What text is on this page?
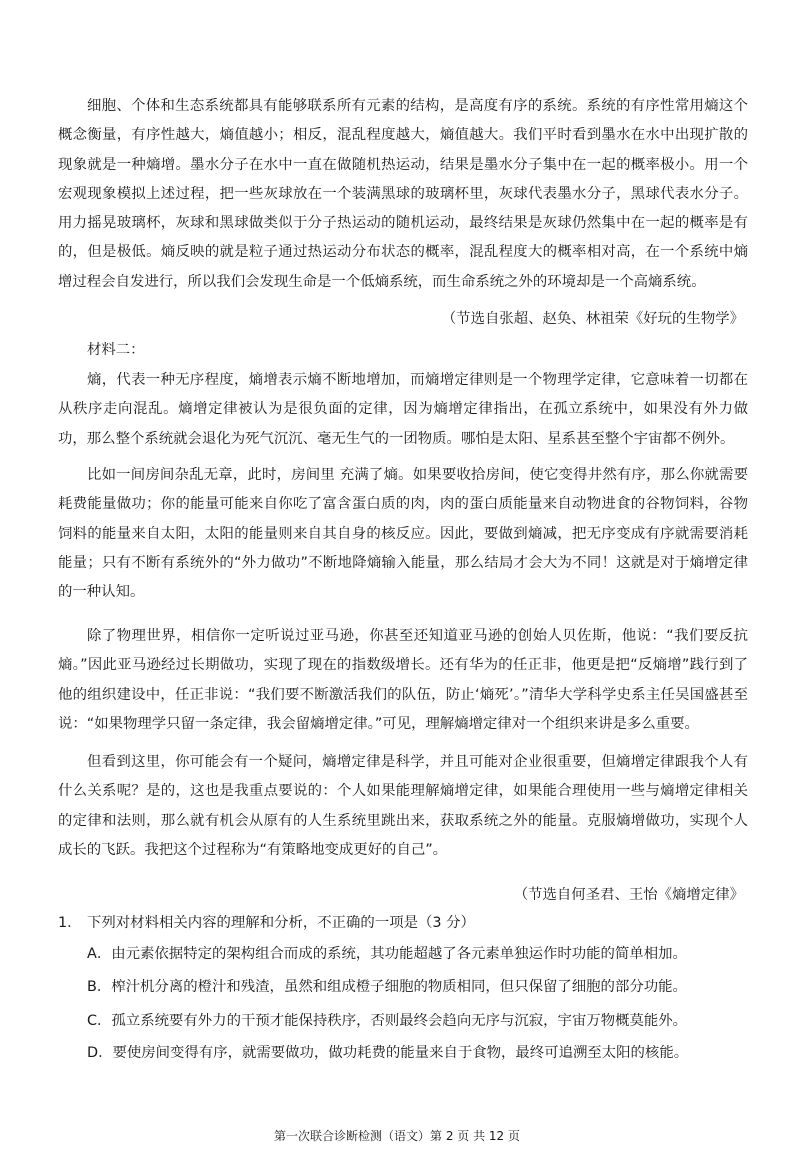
细胞、个体和生态系统都具有能够联系所有元素的结构，是高度有序的系统。系统的有序性常用熵这个概念衡量，有序性越大，熵值越小；相反，混乱程度越大，熵值越大。我们平时看到墨水在水中出现扩散的现象就是一种熵增。墨水分子在水中一直在做随机热运动，结果是墨水分子集中在一起的概率极小。用一个宏观现象模拟上述过程，把一些灰球放在一个装满黑球的玻璃杯里，灰球代表墨水分子，黑球代表水分子。用力摇晃玻璃杯，灰球和黑球做类似于分子热运动的随机运动，最终结果是灰球仍然集中在一起的概率是有的，但是极低。熵反映的就是粒子通过热运动分布状态的概率，混乱程度大的概率相对高，在一个系统中熵增过程会自发进行，所以我们会发现生命是一个低熵系统，而生命系统之外的环境却是一个高熵系统。

（节选自张超、赵奂、林祖荣《好玩的生物学》
材料二：

熵，代表一种无序程度，熵增表示熵不断地增加，而熵增定律则是一个物理学定律，它意味着一切都在从秩序走向混乱。熵增定律被认为是很负面的定律，因为熵增定律指出，在孤立系统中，如果没有外力做功，那么整个系统就会退化为死气沉沉、毫无生气的一团物质。哪怕是太阳、星系甚至整个宇宙都不例外。

比如一间房间杂乱无章，此时，房间里 充满了熵。如果要收拾房间，使它变得井然有序，那么你就需要耗费能量做功；你的能量可能来自你吃了富含蛋白质的肉，肉的蛋白质能量来自动物进食的谷物饲料，谷物饲料的能量来自太阳，太阳的能量则来自其自身的核反应。因此，要做到熵减，把无序变成有序就需要消耗能量；只有不断有系统外的“外力做功”不断地降熵输入能量，那么结局才会大为不同！这就是对于熵增定律的一种认知。

除了物理世界，相信你一定听说过亚马逊，你甚至还知道亚马逊的创始人贝佐斯，他说：“我们要反抗熵。”因此亚马逊经过长期做功，实现了现在的指数级增长。还有华为的任正非，他更是把“反熵增”践行到了他的组织建设中，任正非说：“我们要不断激活我们的队伍，防止‘熵死’。”清华大学科学史系主任吴国盛甚至说：“如果物理学只留一条定律，我会留熵增定律。”可见，理解熵增定律对一个组织来讲是多么重要。

但看到这里，你可能会有一个疑问，熵增定律是科学，并且可能对企业很重要，但熵增定律跟我个人有什么关系呢？是的，这也是我重点要说的：个人如果能理解熵增定律，如果能合理使用一些与熵增定律相关的定律和法则，那么就有机会从原有的人生系统里跳出来，获取系统之外的能量。克服熵增做功，实现个人成长的飞跃。我把这个过程称为“有策略地变成更好的自己”。

（节选自何圣君、王怡《熵增定律》
1． 下列对材料相关内容的理解和分析，不正确的一项是（3 分）
A．由元素依据特定的架构组合而成的系统，其功能超越了各元素单独运作时功能的简单相加。
B．榨汁机分离的橙汁和残渣，虽然和组成橙子细胞的物质相同，但只保留了细胞的部分功能。
C．孤立系统要有外力的干预才能保持秩序，否则最终会趋向无序与沉寂，宇宙万物概莫能外。
D．要使房间变得有序，就需要做功，做功耗费的能量来自于食物，最终可追溯至太阳的核能。
第一次联合诊断检测（语文）第 2 页 共 12 页
